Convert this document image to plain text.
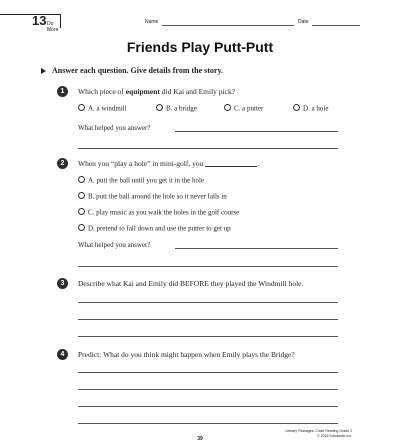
13 Do More
Name	Date
Friends Play Putt-Putt
Answer each question. Give details from the story.
1	Which piece of equipment did Kai and Emily pick?
A. a windmill	B. a bridge	C. a putter	D. a hole
What helped you answer?
2	When you “play a hole” in mini-golf, you	.
A. putt the ball until you get it in the hole
B. putt the ball around the hole so it never falls in
C. play music as you walk the holes in the golf course
D. pretend to fall down and use the putter to get up
What helped you answer?
3	Describe what Kai and Emily did BEFORE they played the Windmill hole.
4	Predict: What do you think might happen when Emily plays the Bridge?
39
Literary Passages: Close Reading Grade 3
© 2016 Scholastic Inc.
